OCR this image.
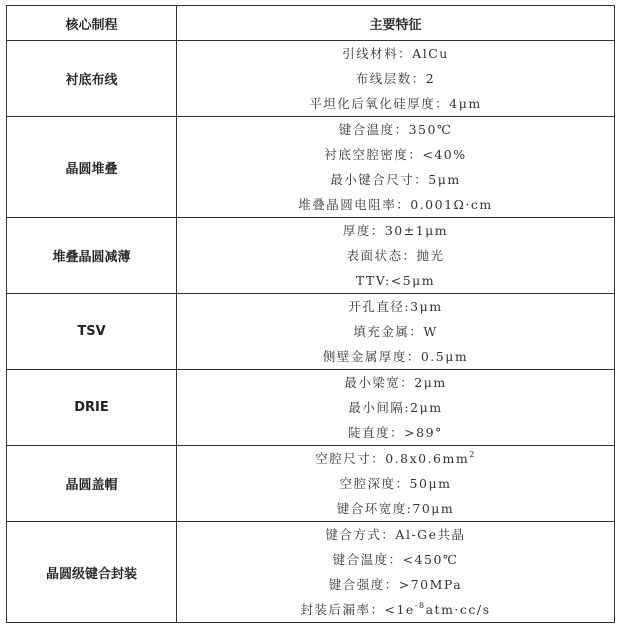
核心制程	主要特征
衬底布线	引线材料：AlCu
布线层数：2
平坦化后氧化硅厚度：4μm

晶圆堆叠	键合温度：350℃
衬底空腔密度：<40%
最小键合尺寸：5μm
堆叠晶圆电阻率：0.001Ω·cm

堆叠晶圆减薄	厚度：30±1μm
表面状态：抛光
TTV:<5μm

TSV	开孔直径:3μm
填充金属：W
侧壁金属厚度：0.5μm

DRIE	最小梁宽：2μm
最小间隔:2μm
陡直度：>89°

晶圆盖帽	空腔尺寸：$0.8x0.6mm^2$
空腔深度：50μm
键合环宽度:70μm

晶圆级键合封装	键合方式：Al-Ge共晶
键合温度：<450℃
键合强度：>70MPa
封装后漏率：$<1e^{-8}atm\cdot cc/s$
